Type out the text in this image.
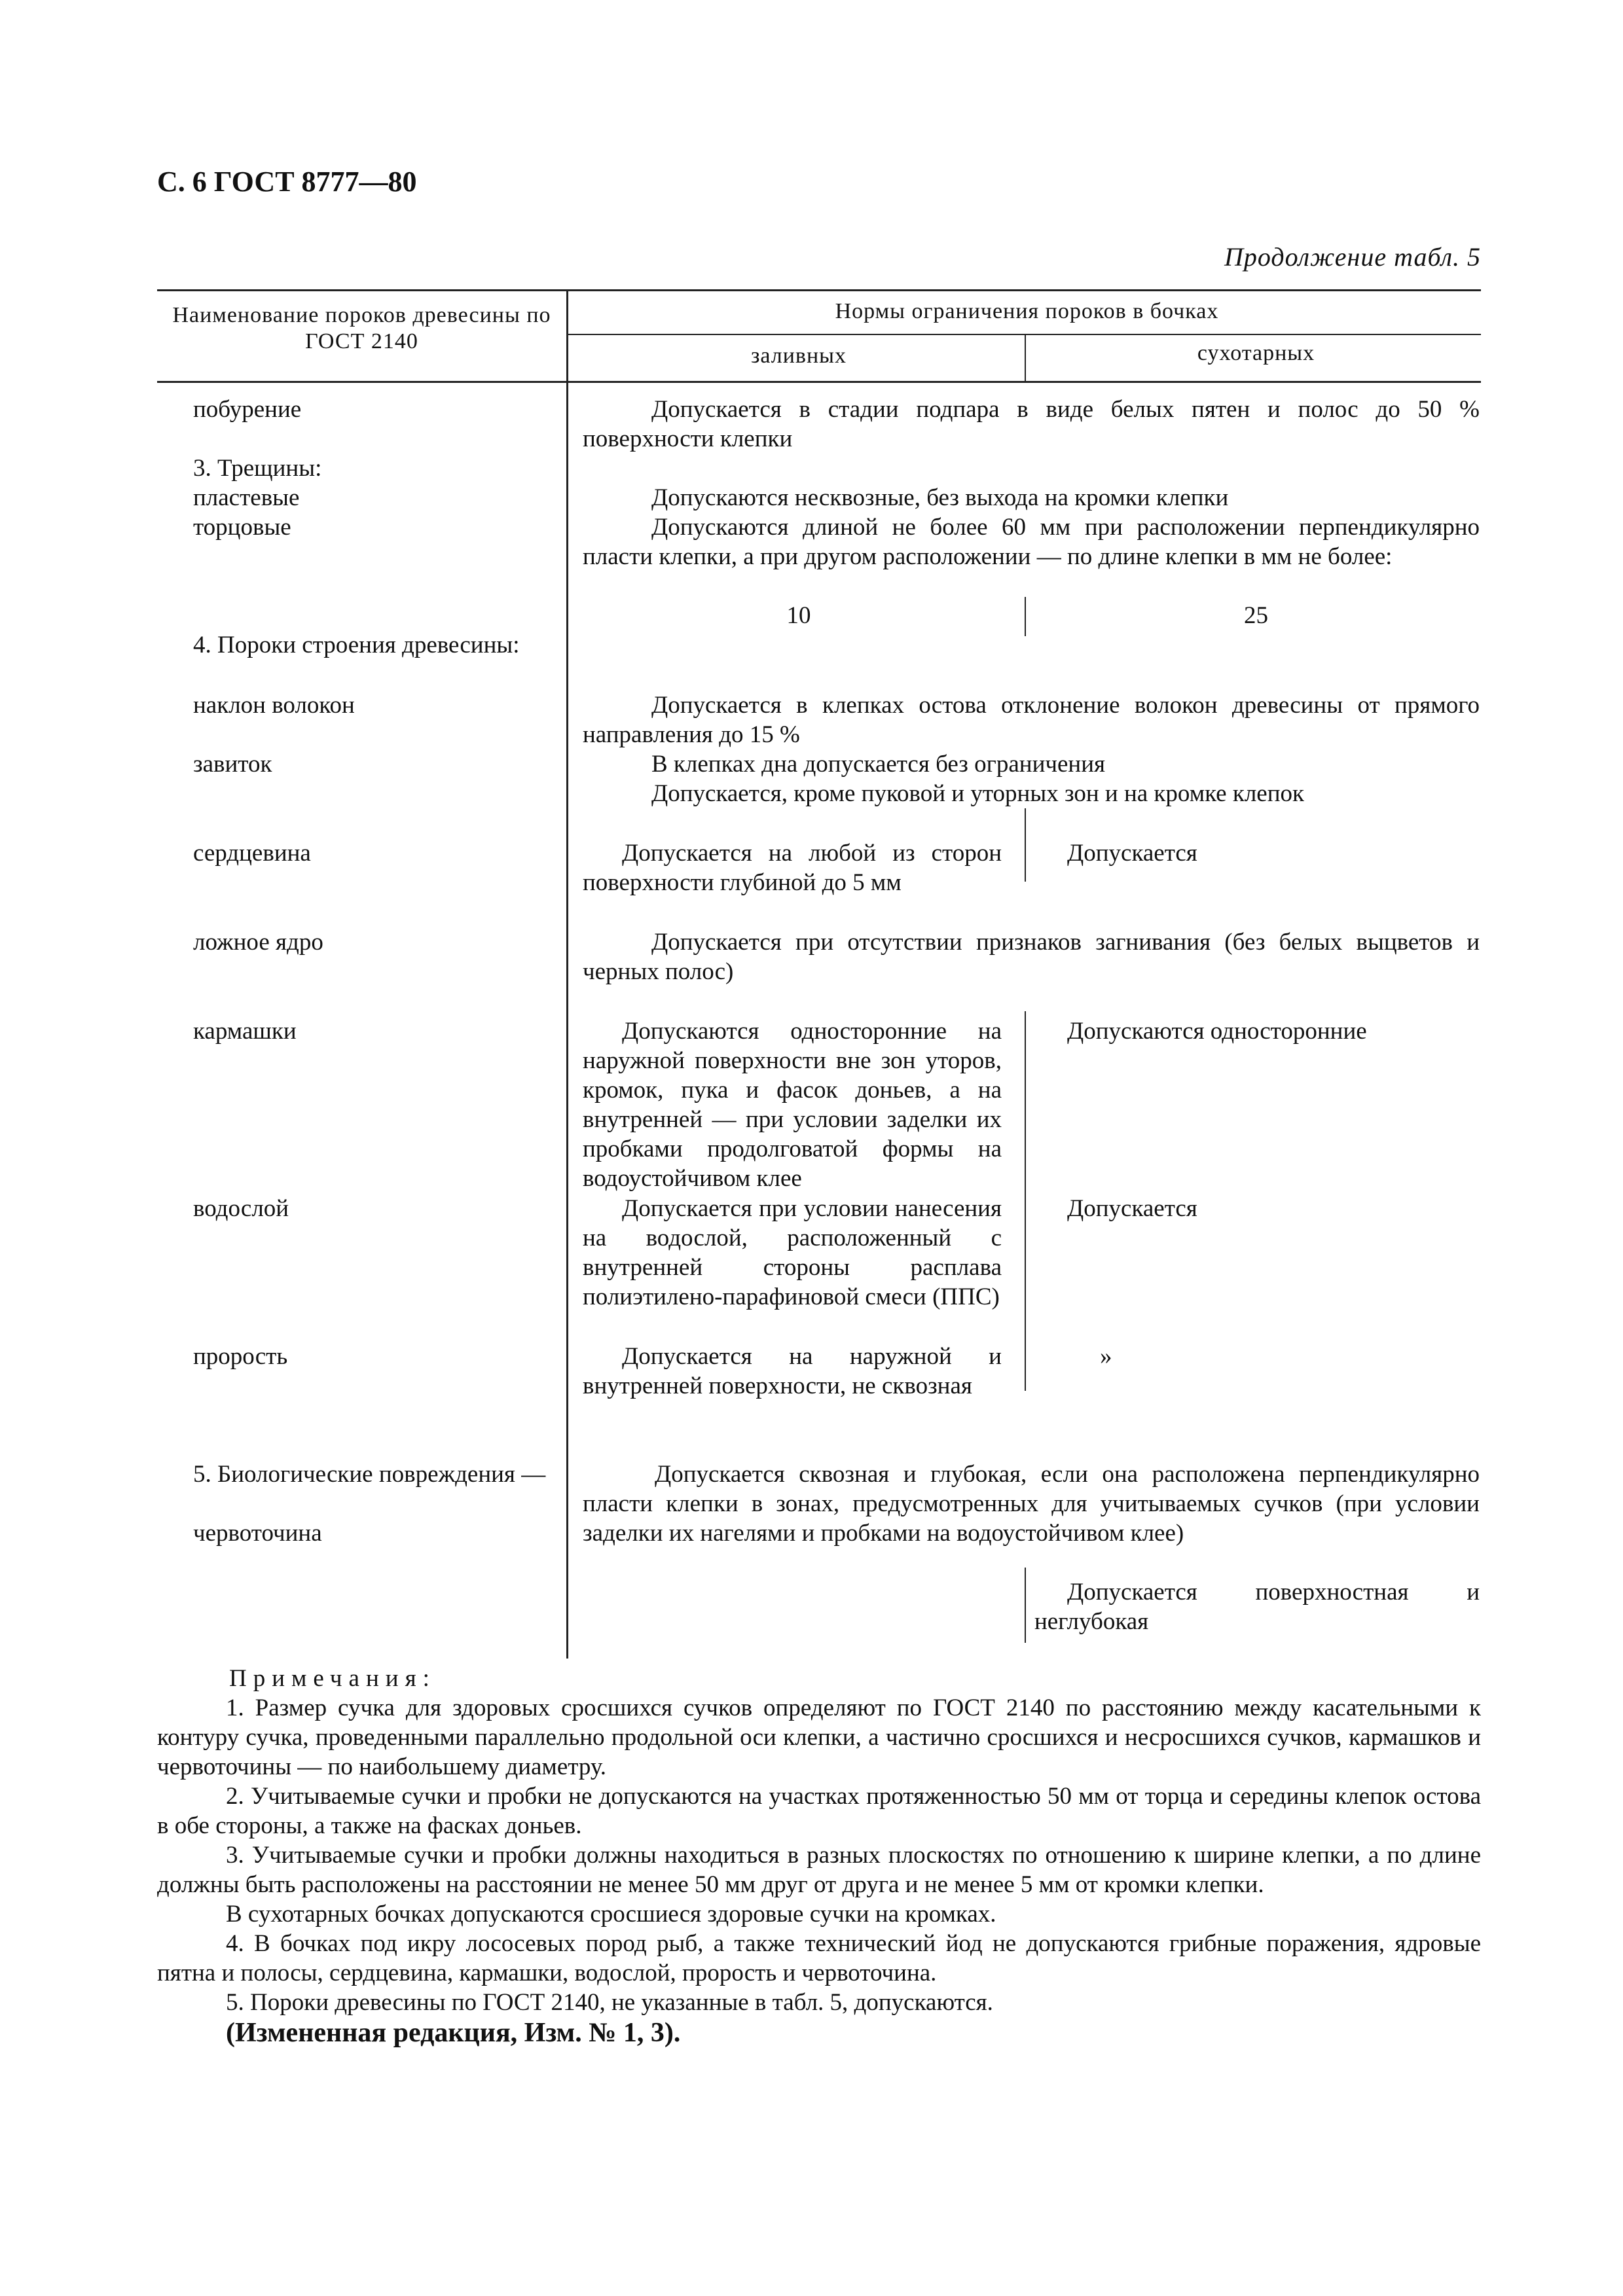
С. 6 ГОСТ 8777—80
Продолжение табл. 5
Наименование пороков древесины по ГОСТ 2140
Нормы ограничения пороков в бочках
заливных	сухотарных
побурение
3. Трещины:
пластевые
торцовые
4. Пороки строения древесины:
наклон волокон
завиток
сердцевина
ложное ядро
кармашки
водослой
прорость
5. Биологические повреждения —
червоточина
Допускается в стадии подпара в виде белых пятен и полос до 50 % поверхности клепки
Допускаются несквозные, без выхода на кромки клепки
Допускаются длиной не более 60 мм при расположении перпендикулярно пласти клепки, а при другом расположении — по длине клепки в мм не более:
10	25
Допускается в клепках остова отклонение волокон древесины от прямого направления до 15 %
В клепках дна допускается без ограничения
Допускается, кроме пуковой и уторных зон и на кромке клепок
Допускается на любой из сторон поверхности глубиной до 5 мм
Допускается
Допускается при отсутствии признаков загнивания (без белых выцветов и черных полос)
Допускаются односторонние на наружной поверхности вне зон уторов, кромок, пука и фасок доньев, а на внутренней — при условии заделки их пробками продолговатой формы на водоустойчивом клее
Допускаются односторонние
Допускается при условии нанесения на водослой, расположенный с внутренней стороны расплава полиэтилено-парафиновой смеси (ППС)
Допускается
Допускается на наружной и внутренней поверхности, не сквозная
»
Допускается сквозная и глубокая, если она расположена перпендикулярно пласти клепки в зонах, предусмотренных для учитываемых сучков (при условии заделки их нагелями и пробками на водоустойчивом клее)
Допускается поверхностная и неглубокая

Примечания:

1. Размер сучка для здоровых сросшихся сучков определяют по ГОСТ 2140 по расстоянию между касательными к контуру сучка, проведенными параллельно продольной оси клепки, а частично сросшихся и несросшихся сучков, кармашков и червоточины — по наибольшему диаметру.

2. Учитываемые сучки и пробки не допускаются на участках протяженностью 50 мм от торца и середины клепок остова в обе стороны, а также на фасках доньев.

3. Учитываемые сучки и пробки должны находиться в разных плоскостях по отношению к ширине клепки, а по длине должны быть расположены на расстоянии не менее 50 мм друг от друга и не менее 5 мм от кромки клепки.

В сухотарных бочках допускаются сросшиеся здоровые сучки на кромках.

4. В бочках под икру лососевых пород рыб, а также технический йод не допускаются грибные поражения, ядровые пятна и полосы, сердцевина, кармашки, водослой, прорость и червоточина.

5. Пороки древесины по ГОСТ 2140, не указанные в табл. 5, допускаются.

(Измененная редакция, Изм. № 1, 3).
